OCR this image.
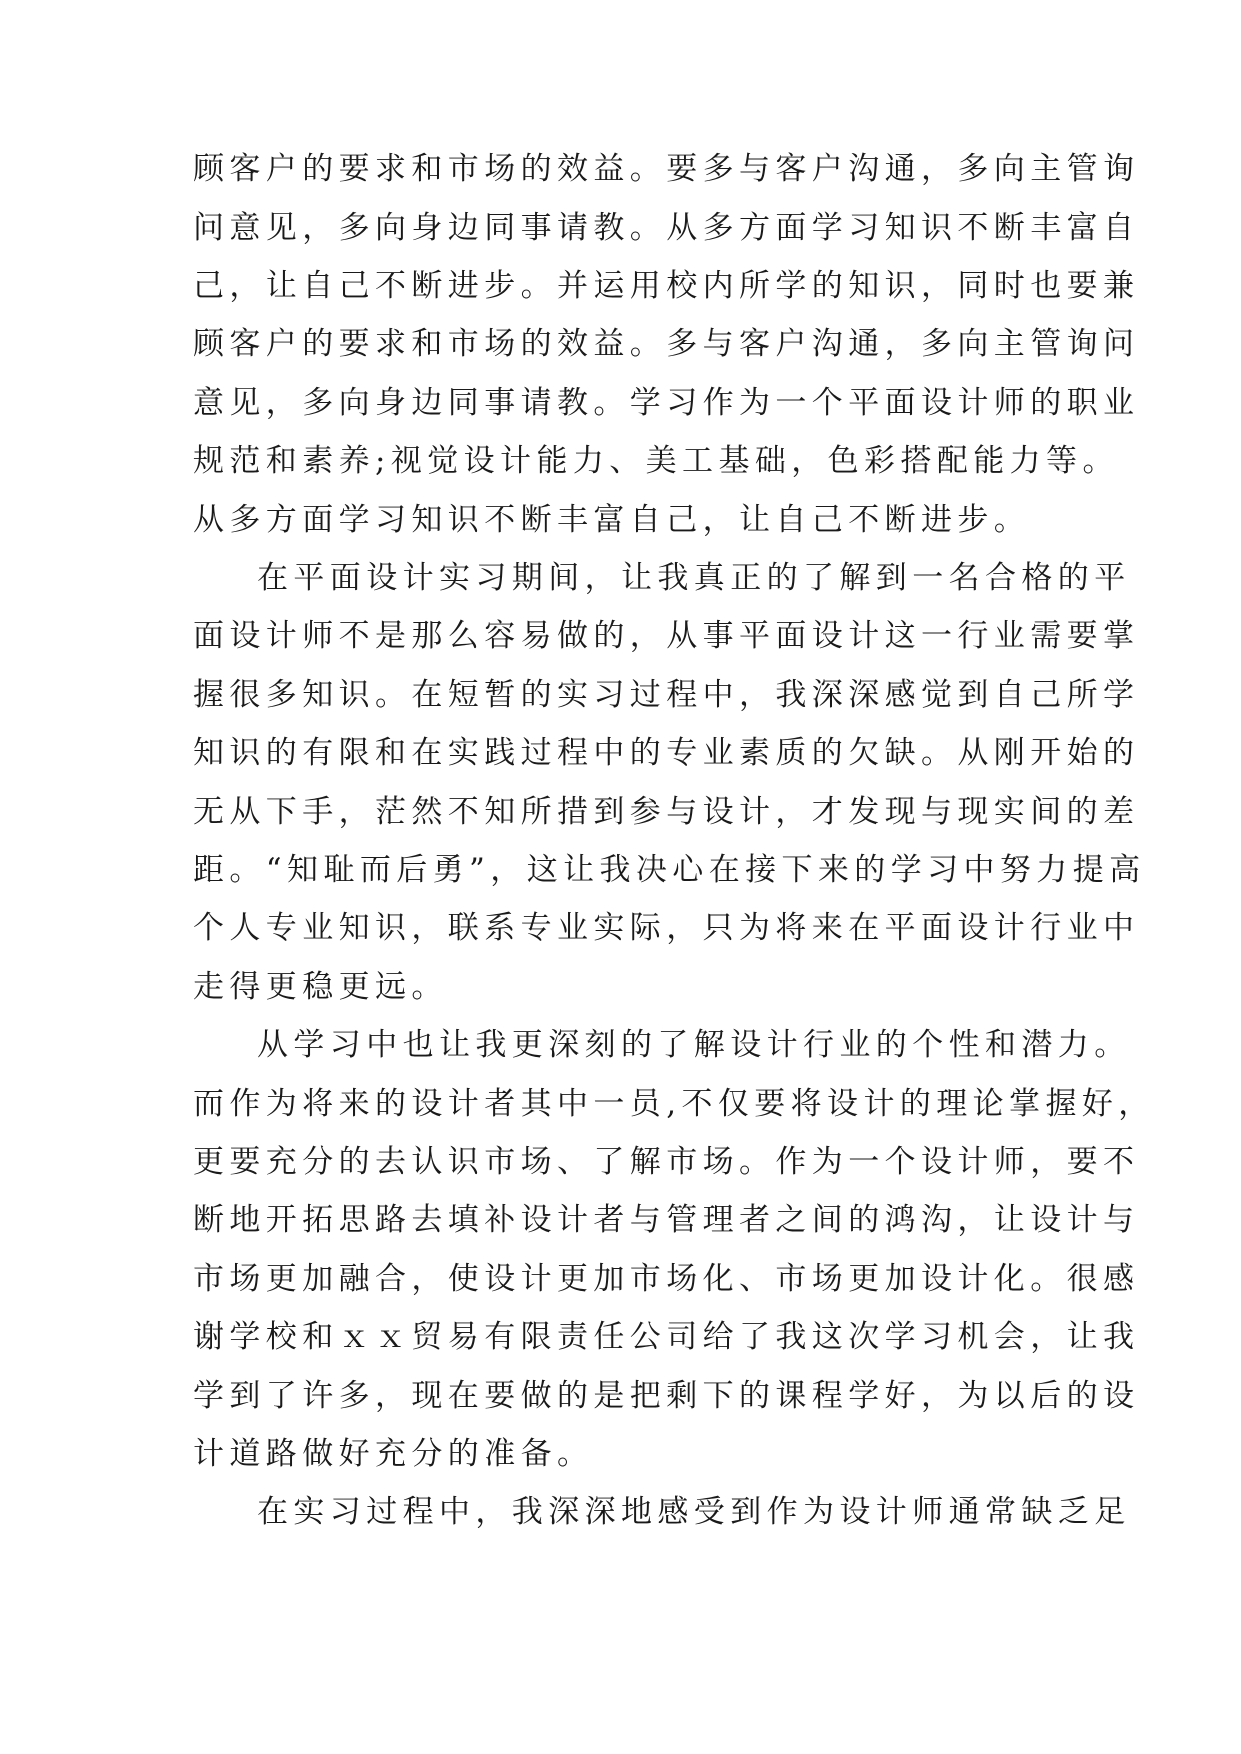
顾客户的要求和市场的效益。要多与客户沟通，多向主管询
问意见，多向身边同事请教。从多方面学习知识不断丰富自
己，让自己不断进步。并运用校内所学的知识，同时也要兼
顾客户的要求和市场的效益。多与客户沟通，多向主管询问
意见，多向身边同事请教。学习作为一个平面设计师的职业
规范和素养;视觉设计能力、美工基础，色彩搭配能力等。
从多方面学习知识不断丰富自己，让自己不断进步。
在平面设计实习期间，让我真正的了解到一名合格的平
面设计师不是那么容易做的，从事平面设计这一行业需要掌
握很多知识。在短暂的实习过程中，我深深感觉到自己所学
知识的有限和在实践过程中的专业素质的欠缺。从刚开始的
无从下手，茫然不知所措到参与设计，才发现与现实间的差
距。“知耻而后勇”，这让我决心在接下来的学习中努力提高
个人专业知识，联系专业实际，只为将来在平面设计行业中
走得更稳更远。
从学习中也让我更深刻的了解设计行业的个性和潜力。
而作为将来的设计者其中一员,不仅要将设计的理论掌握好，
更要充分的去认识市场、了解市场。作为一个设计师，要不
断地开拓思路去填补设计者与管理者之间的鸿沟，让设计与
市场更加融合，使设计更加市场化、市场更加设计化。很感
谢学校和ｘｘ贸易有限责任公司给了我这次学习机会，让我
学到了许多，现在要做的是把剩下的课程学好，为以后的设
计道路做好充分的准备。
在实习过程中，我深深地感受到作为设计师通常缺乏足
